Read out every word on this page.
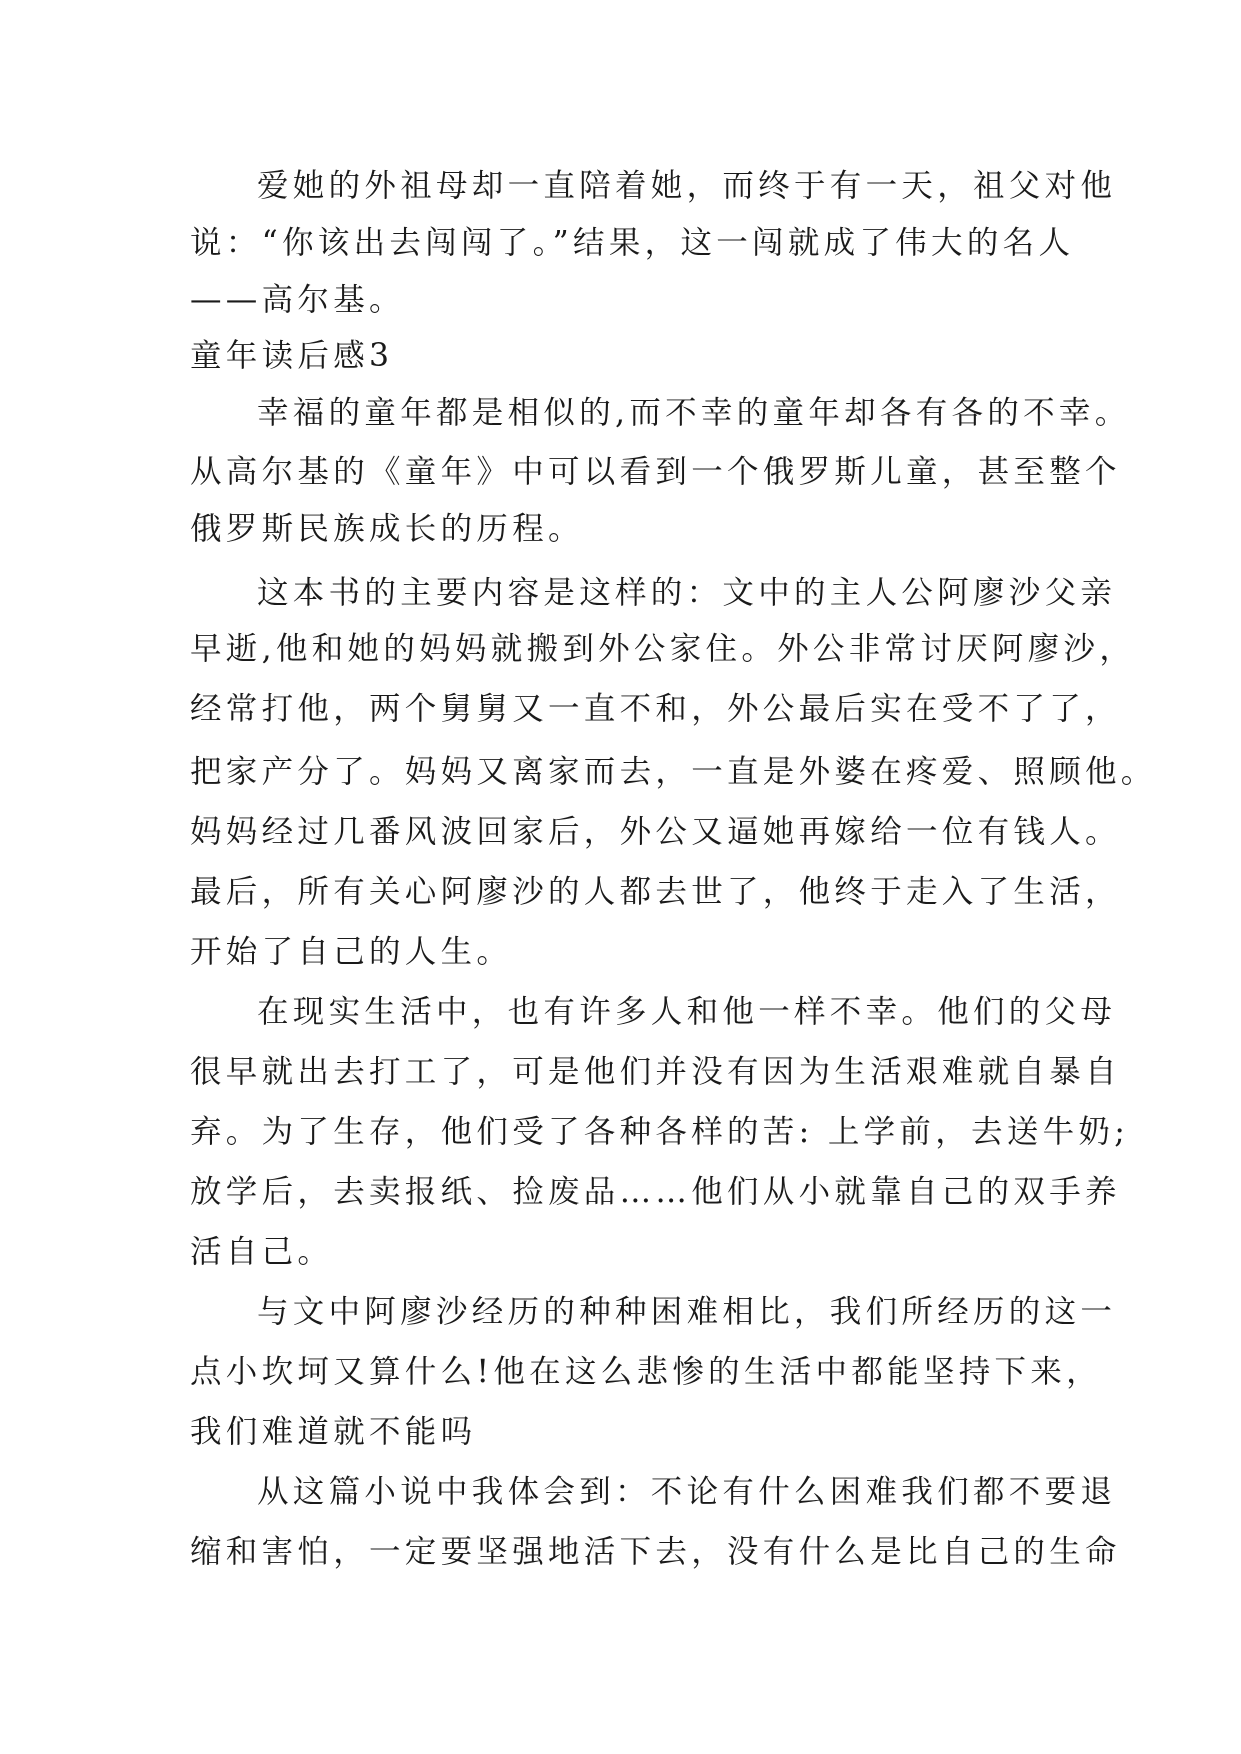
爱她的外祖母却一直陪着她，而终于有一天，祖父对他
说：“你该出去闯闯了。”结果，这一闯就成了伟大的名人
——高尔基。
童年读后感3
幸福的童年都是相似的,而不幸的童年却各有各的不幸。
从高尔基的《童年》中可以看到一个俄罗斯儿童，甚至整个
俄罗斯民族成长的历程。
这本书的主要内容是这样的：文中的主人公阿廖沙父亲
早逝,他和她的妈妈就搬到外公家住。外公非常讨厌阿廖沙，
经常打他，两个舅舅又一直不和，外公最后实在受不了了，
把家产分了。妈妈又离家而去，一直是外婆在疼爱、照顾他。
妈妈经过几番风波回家后，外公又逼她再嫁给一位有钱人。
最后，所有关心阿廖沙的人都去世了，他终于走入了生活，
开始了自己的人生。
在现实生活中，也有许多人和他一样不幸。他们的父母
很早就出去打工了，可是他们并没有因为生活艰难就自暴自
弃。为了生存，他们受了各种各样的苦: 上学前，去送牛奶;
放学后，去卖报纸、捡废品……他们从小就靠自己的双手养
活自己。
与文中阿廖沙经历的种种困难相比，我们所经历的这一
点小坎坷又算什么!他在这么悲惨的生活中都能坚持下来，
我们难道就不能吗
从这篇小说中我体会到：不论有什么困难我们都不要退
缩和害怕，一定要坚强地活下去，没有什么是比自己的生命
